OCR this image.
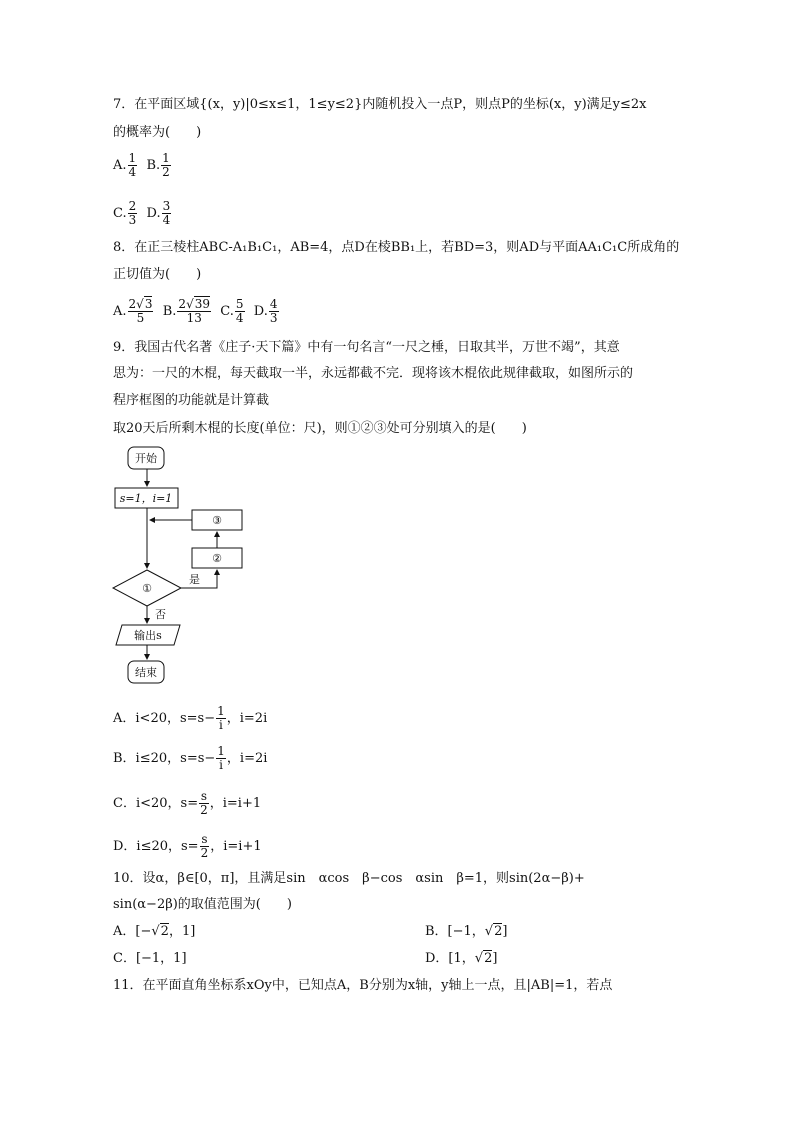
7．在平面区域{(x，y)|0≤x≤1，1≤y≤2}内随机投入一点P，则点P的坐标(x，y)满足y≤2x
的概率为(　　)
A. $\frac{1}{4} B$. $\frac{1}{2}$
C. $\frac{2}{3} D$. $\frac{3}{4}$
8．在正三棱柱ABC-A₁B₁C₁，AB=4，点D在棱BB₁上，若BD=3，则AD与平面AA₁C₁C所成角的
正切值为(　　)
A. $\frac{2√3}{5} B$. $\frac{2√39}{13} C$. $\frac{5}{4} D$. $\frac{4}{3}$
9．我国古代名著《庄子·天下篇》中有一句名言“一尺之棰，日取其半，万世不竭”，其意
思为：一尺的木棍，每天截取一半，永远都截不完．现将该木棍依此规律截取，如图所示的
程序框图的功能就是计算截
取20天后所剩木棍的长度(单位：尺)，则①②③处可分别填入的是(　　)
开始
s=1，i=1
③
②
①
是
否
输出s
结束
A．i<20，$s=s- \frac{1}{i}$ ，i=2i
B．i≤20，$s=s- \frac{1}{i}$ ，i=2i
C．i<20，$s= \frac{s}{2}$ ，i=i+1
D．i≤20，$s= \frac{s}{2}$ ，i=i+1
10．设α，β∈[0，π]，且满足sin　αcos　β−cos　αsin　β=1，则sin(2α−β)+
sin(α−2β)的取值范围为(　　)
A．[−√2，1]	B．[−1，√2]
C．[−1，1]	D．[1，√2]
11．在平面直角坐标系xOy中，已知点A，B分别为x轴，y轴上一点，且|AB|=1，若点
